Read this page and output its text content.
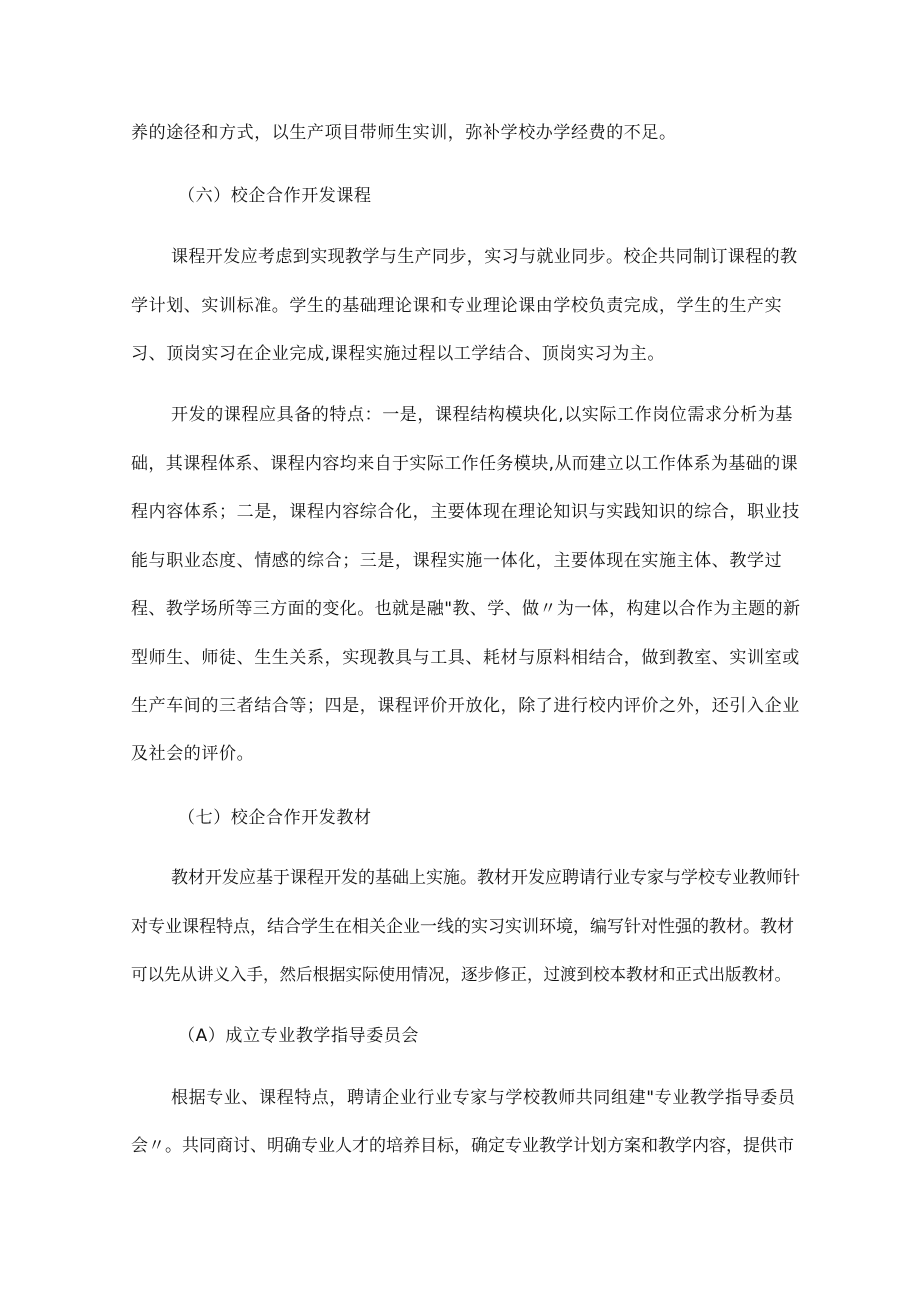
养的途径和方式，以生产项目带师生实训，弥补学校办学经费的不足。
（六）校企合作开发课程
课程开发应考虑到实现教学与生产同步，实习与就业同步。校企共同制订课程的教
学计划、实训标准。学生的基础理论课和专业理论课由学校负责完成，学生的生产实
习、顶岗实习在企业完成,课程实施过程以工学结合、顶岗实习为主。
开发的课程应具备的特点：一是，课程结构模块化,以实际工作岗位需求分析为基
础，其课程体系、课程内容均来自于实际工作任务模块,从而建立以工作体系为基础的课
程内容体系；二是，课程内容综合化，主要体现在理论知识与实践知识的综合，职业技
能与职业态度、情感的综合；三是，课程实施一体化，主要体现在实施主体、教学过
程、教学场所等三方面的变化。也就是融"教、学、做〃为一体，构建以合作为主题的新
型师生、师徒、生生关系，实现教具与工具、耗材与原料相结合，做到教室、实训室或
生产车间的三者结合等；四是，课程评价开放化，除了进行校内评价之外，还引入企业
及社会的评价。
（七）校企合作开发教材
教材开发应基于课程开发的基础上实施。教材开发应聘请行业专家与学校专业教师针
对专业课程特点，结合学生在相关企业一线的实习实训环境，编写针对性强的教材。教材
可以先从讲义入手，然后根据实际使用情况，逐步修正，过渡到校本教材和正式出版教材。
（A）成立专业教学指导委员会
根据专业、课程特点，聘请企业行业专家与学校教师共同组建"专业教学指导委员
会〃。共同商讨、明确专业人才的培养目标，确定专业教学计划方案和教学内容，提供市
